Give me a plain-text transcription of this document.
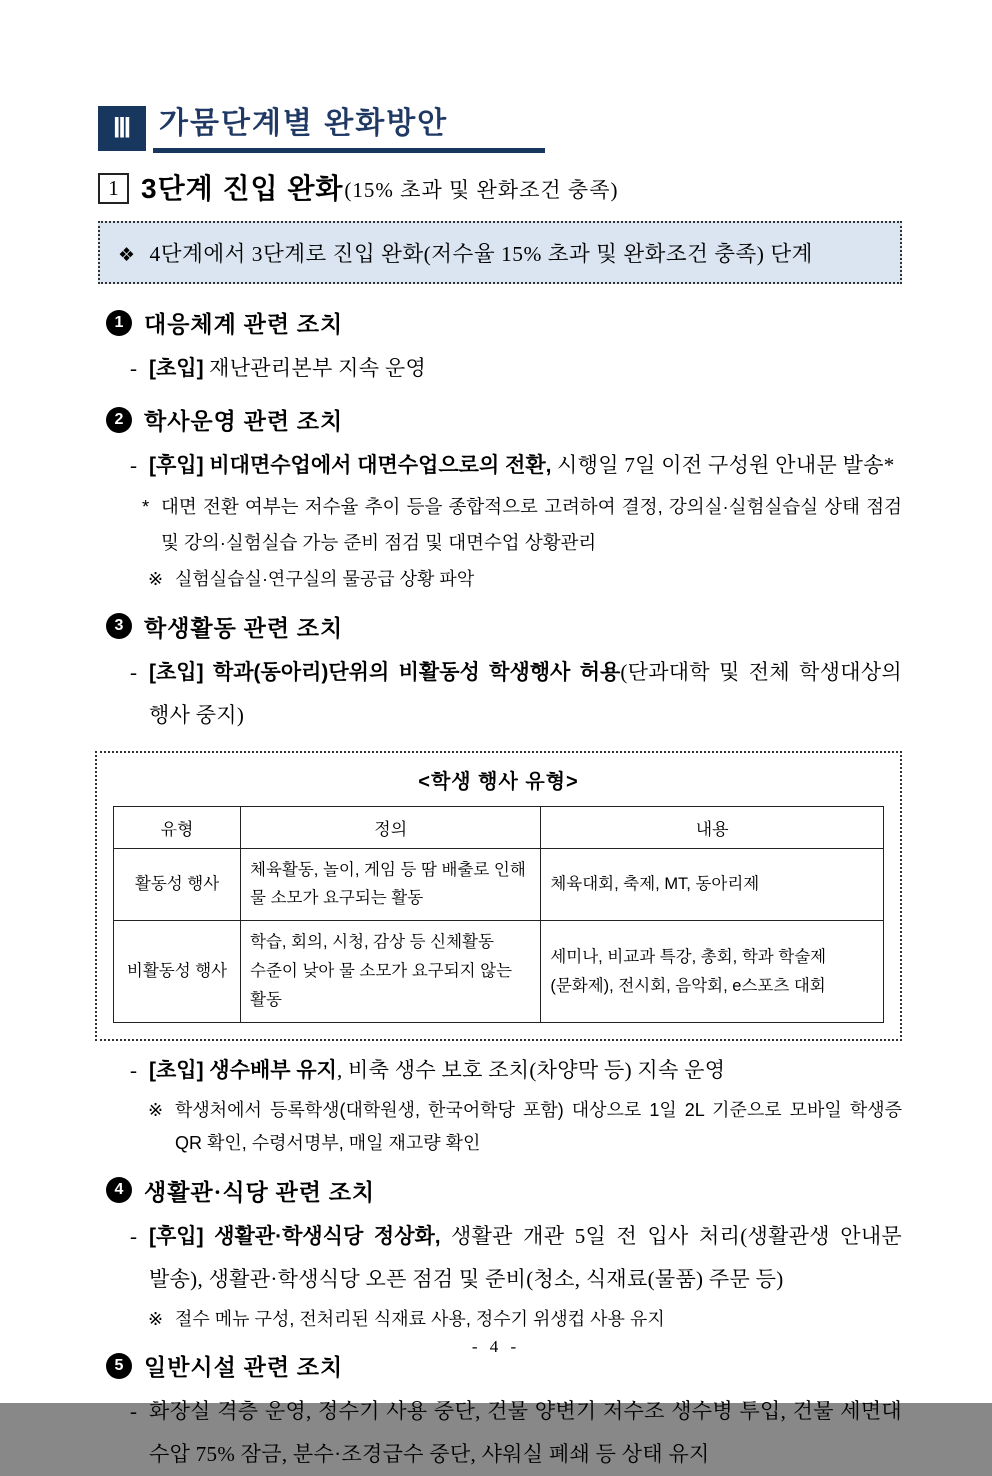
Ⅲ 가뭄단계별 완화방안
1 3단계 진입 완화 (15% 초과 및 완화조건 충족)
❖ 4단계에서 3단계로 진입 완화(저수율 15% 초과 및 완화조건 충족) 단계
1 대응체계 관련 조치
- [초입] 재난관리본부 지속 운영

2 학사운영 관련 조치
- [후입] 비대면수업에서 대면수업으로의 전환, 시행일 7일 이전 구성원 안내문 발송*

* 대면 전환 여부는 저수율 추이 등을 종합적으로 고려하여 결정, 강의실·실험실습실 상태 점검 및 강의·실험실습 가능 준비 점검 및 대면수업 상황관리

※ 실험실습실·연구실의 물공급 상황 파악

3 학생활동 관련 조치
- [초입] 학과(동아리)단위의 비활동성 학생행사 허용(단과대학 및 전체 학생대상의 행사 중지)

<학생 행사 유형>
유형	정의	내용
활동성 행사	체육활동, 놀이, 게임 등 땀 배출로 인해 물 소모가 요구되는 활동	체육대회, 축제, MT, 동아리제
비활동성 행사	학습, 회의, 시청, 감상 등 신체활동 수준이 낮아 물 소모가 요구되지 않는 활동	세미나, 비교과 특강, 총회, 학과 학술제(문화제), 전시회, 음악회, e스포츠 대회
- [초입] 생수배부 유지, 비축 생수 보호 조치(차양막 등) 지속 운영

※ 학생처에서 등록학생(대학원생, 한국어학당 포함) 대상으로 1일 2L 기준으로 모바일 학생증 QR 확인, 수령서명부, 매일 재고량 확인

4 생활관·식당 관련 조치
- [후입] 생활관·학생식당 정상화, 생활관 개관 5일 전 입사 처리(생활관생 안내문 발송), 생활관·학생식당 오픈 점검 및 준비(청소, 식재료(물품) 주문 등)

※ 절수 메뉴 구성, 전처리된 식재료 사용, 정수기 위생컵 사용 유지

5 일반시설 관련 조치
- 화장실 격층 운영, 정수기 사용 중단, 건물 양변기 저수조 생수병 투입, 건물 세면대 수압 75% 잠금, 분수·조경급수 중단, 샤워실 폐쇄 등 상태 유지

- 4 -
